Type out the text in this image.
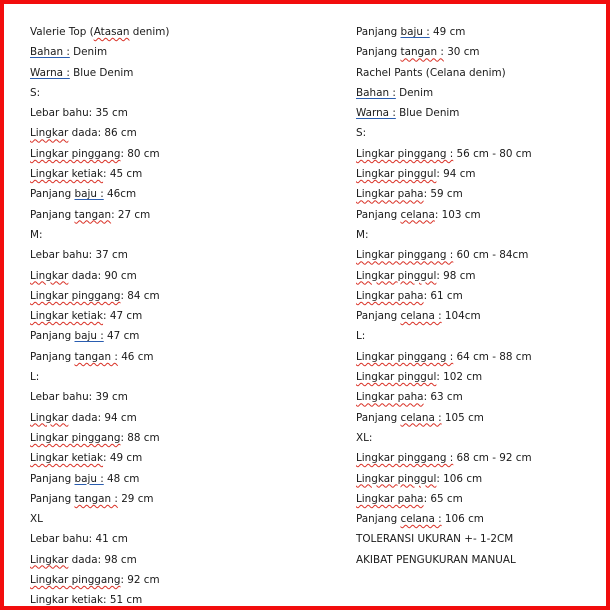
Valerie Top (Atasan denim)
Bahan : Denim
Warna : Blue Denim
S:
Lebar bahu: 35 cm
Lingkar dada: 86 cm
Lingkar pinggang: 80 cm
Lingkar ketiak: 45 cm
Panjang baju : 46cm
Panjang tangan: 27 cm
M:
Lebar bahu: 37 cm
Lingkar dada: 90 cm
Lingkar pinggang: 84 cm
Lingkar ketiak: 47 cm
Panjang baju : 47 cm
Panjang tangan : 46 cm
L:
Lebar bahu: 39 cm
Lingkar dada: 94 cm
Lingkar pinggang: 88 cm
Lingkar ketiak: 49 cm
Panjang baju : 48 cm
Panjang tangan : 29 cm
XL
Lebar bahu: 41 cm
Lingkar dada: 98 cm
Lingkar pinggang: 92 cm
Lingkar ketiak: 51 cm
Panjang baju : 49 cm
Panjang tangan : 30 cm
Rachel Pants (Celana denim)
Bahan : Denim
Warna : Blue Denim
S:
Lingkar pinggang : 56 cm - 80 cm
Lingkar pinggul: 94 cm
Lingkar paha: 59 cm
Panjang celana: 103 cm
M:
Lingkar pinggang : 60 cm - 84cm
Lingkar pinggul: 98 cm
Lingkar paha: 61 cm
Panjang celana : 104cm
L:
Lingkar pinggang : 64 cm - 88 cm
Lingkar pinggul: 102 cm
Lingkar paha: 63 cm
Panjang celana : 105 cm
XL:
Lingkar pinggang : 68 cm - 92 cm
Lingkar pinggul: 106 cm
Lingkar paha: 65 cm
Panjang celana : 106 cm
TOLERANSI UKURAN +- 1-2CM
AKIBAT PENGUKURAN MANUAL
